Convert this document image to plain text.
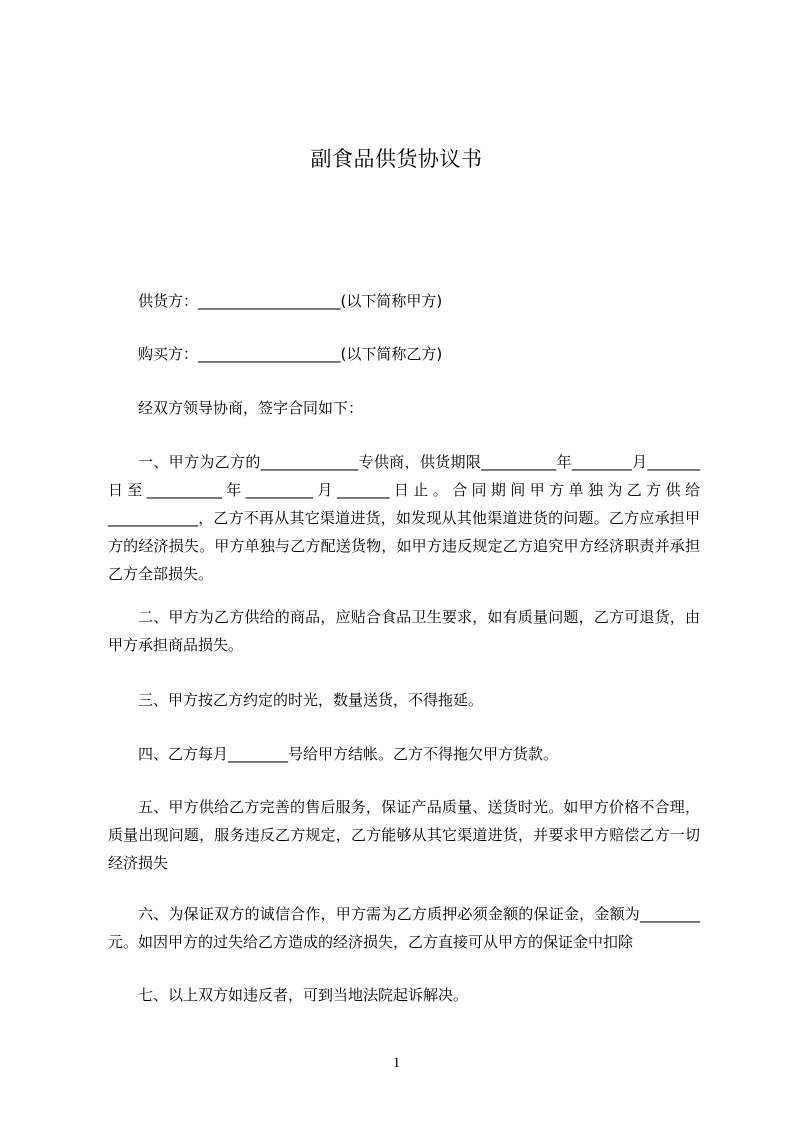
副食品供货协议书

供货方：___________________(以下简称甲方)

购买方：___________________(以下简称乙方)

经双方领导协商，签字合同如下：

一、甲方为乙方的_____________专供商，供货期限__________年________月_______日至__________年_________月_______日止。合同期间甲方单独为乙方供给____________，乙方不再从其它渠道进货，如发现从其他渠道进货的问题。乙方应承担甲方的经济损失。甲方单独与乙方配送货物，如甲方违反规定乙方追究甲方经济职责并承担乙方全部损失。

二、甲方为乙方供给的商品，应贴合食品卫生要求，如有质量问题，乙方可退货，由甲方承担商品损失。

三、甲方按乙方约定的时光，数量送货，不得拖延。

四、乙方每月________号给甲方结帐。乙方不得拖欠甲方货款。

五、甲方供给乙方完善的售后服务，保证产品质量、送货时光。如甲方价格不合理，质量出现问题，服务违反乙方规定，乙方能够从其它渠道进货，并要求甲方赔偿乙方一切经济损失

六、为保证双方的诚信合作，甲方需为乙方质押必须金额的保证金，金额为________元。如因甲方的过失给乙方造成的经济损失，乙方直接可从甲方的保证金中扣除

七、以上双方如违反者，可到当地法院起诉解决。

1
